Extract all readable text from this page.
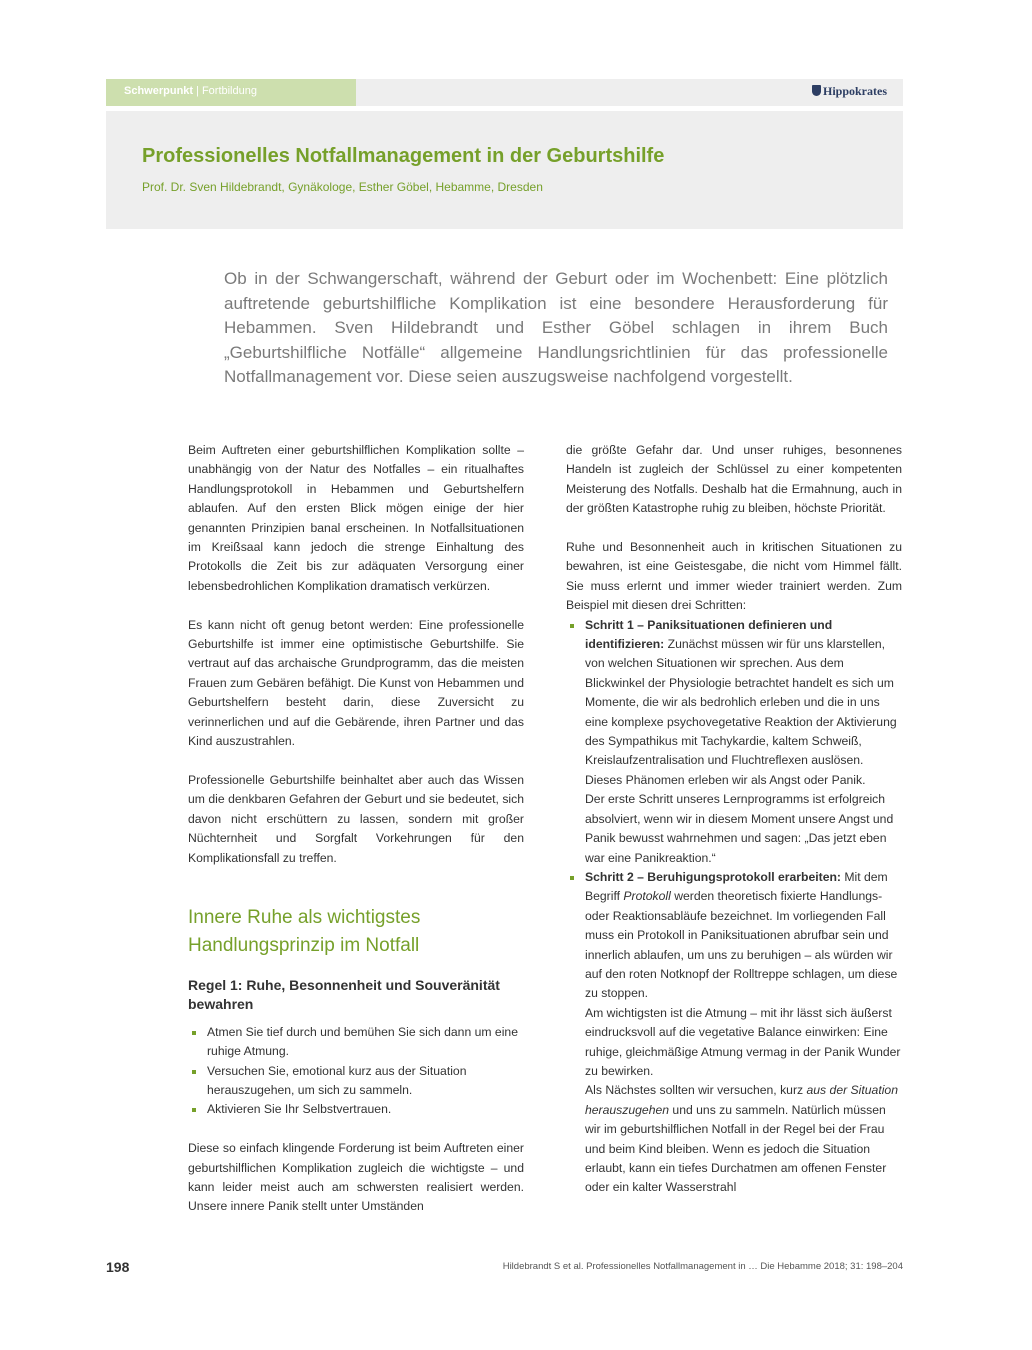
Schwerpunkt | Fortbildung	Hippokrates
Professionelles Notfallmanagement in der Geburtshilfe

Prof. Dr. Sven Hildebrandt, Gynäkologe, Esther Göbel, Hebamme, Dresden

Ob in der Schwangerschaft, während der Geburt oder im Wochenbett: Eine plötzlich auftretende geburtshilfliche Komplikation ist eine besondere Herausforderung für Hebammen. Sven Hildebrandt und Esther Göbel schlagen in ihrem Buch „Geburtshilfliche Notfälle“ allgemeine Handlungsrichtlinien für das professionelle Notfallmanagement vor. Diese seien auszugsweise nachfolgend vorgestellt.

Beim Auftreten einer geburtshilflichen Komplikation sollte – unabhängig von der Natur des Notfalles – ein ritualhaftes Handlungsprotokoll in Hebammen und Geburtshelfern ablaufen. Auf den ersten Blick mögen einige der hier genannten Prinzipien banal erscheinen. In Notfallsituationen im Kreißsaal kann jedoch die strenge Einhaltung des Protokolls die Zeit bis zur adäquaten Versorgung einer lebensbedrohlichen Komplikation dramatisch verkürzen.

Es kann nicht oft genug betont werden: Eine professionelle Geburtshilfe ist immer eine optimistische Geburtshilfe. Sie vertraut auf das archaische Grundprogramm, das die meisten Frauen zum Gebären befähigt. Die Kunst von Hebammen und Geburtshelfern besteht darin, diese Zuversicht zu verinnerlichen und auf die Gebärende, ihren Partner und das Kind auszustrahlen.

Professionelle Geburtshilfe beinhaltet aber auch das Wissen um die denkbaren Gefahren der Geburt und sie bedeutet, sich davon nicht erschüttern zu lassen, sondern mit großer Nüchternheit und Sorgfalt Vorkehrungen für den Komplikationsfall zu treffen.

Innere Ruhe als wichtigstes Handlungsprinzip im Notfall
Regel 1: Ruhe, Besonnenheit und Souveränität bewahren
Atmen Sie tief durch und bemühen Sie sich dann um eine ruhige Atmung.
Versuchen Sie, emotional kurz aus der Situation herauszugehen, um sich zu sammeln.
Aktivieren Sie Ihr Selbstvertrauen.

Diese so einfach klingende Forderung ist beim Auftreten einer geburtshilflichen Komplikation zugleich die wichtigste – und kann leider meist auch am schwersten realisiert werden. Unsere innere Panik stellt unter Umständen

die größte Gefahr dar. Und unser ruhiges, besonnenes Handeln ist zugleich der Schlüssel zu einer kompetenten Meisterung des Notfalls. Deshalb hat die Ermahnung, auch in der größten Katastrophe ruhig zu bleiben, höchste Priorität.

Ruhe und Besonnenheit auch in kritischen Situationen zu bewahren, ist eine Geistesgabe, die nicht vom Himmel fällt. Sie muss erlernt und immer wieder trainiert werden. Zum Beispiel mit diesen drei Schritten:

Schritt 1 – Paniksituationen definieren und identifizieren: Zunächst müssen wir für uns klarstellen, von welchen Situationen wir sprechen. Aus dem Blickwinkel der Physiologie betrachtet handelt es sich um Momente, die wir als bedrohlich erleben und die in uns eine komplexe psychovegetative Reaktion der Aktivierung des Sympathikus mit Tachykardie, kaltem Schweiß, Kreislaufzentralisation und Fluchtreflexen auslösen. Dieses Phänomen erleben wir als Angst oder Panik.
Der erste Schritt unseres Lernprogramms ist erfolgreich absolviert, wenn wir in diesem Moment unsere Angst und Panik bewusst wahrnehmen und sagen: „Das jetzt eben war eine Panikreaktion.“
Schritt 2 – Beruhigungsprotokoll erarbeiten: Mit dem Begriff Protokoll werden theoretisch fixierte Handlungs- oder Reaktionsabläufe bezeichnet. Im vorliegenden Fall muss ein Protokoll in Paniksituationen abrufbar sein und innerlich ablaufen, um uns zu beruhigen – als würden wir auf den roten Notknopf der Rolltreppe schlagen, um diese zu stoppen.
Am wichtigsten ist die Atmung – mit ihr lässt sich äußerst eindrucksvoll auf die vegetative Balance einwirken: Eine ruhige, gleichmäßige Atmung vermag in der Panik Wunder zu bewirken.
Als Nächstes sollten wir versuchen, kurz aus der Situation herauszugehen und uns zu sammeln. Natürlich müssen wir im geburtshilflichen Notfall in der Regel bei der Frau und beim Kind bleiben. Wenn es jedoch die Situation erlaubt, kann ein tiefes Durchatmen am offenen Fenster oder ein kalter Wasserstrahl
198	Hildebrandt S et al. Professionelles Notfallmanagement in … Die Hebamme 2018; 31: 198–204
